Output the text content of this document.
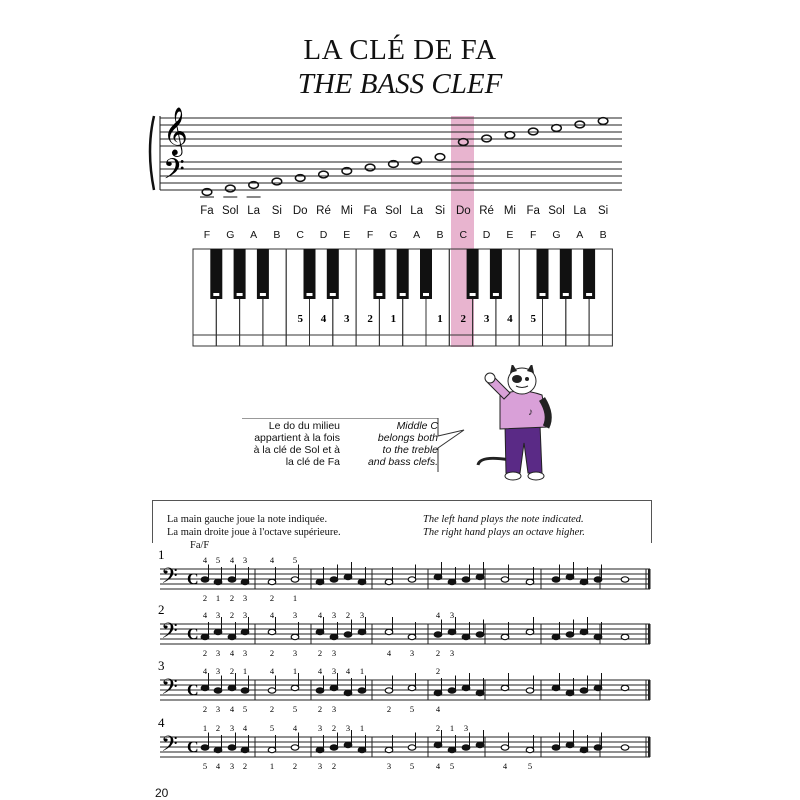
LA CLÉ DE FA
THE BASS CLEF
𝄞
𝄢
5 4 3 2 1	1 2 3 4 5
Fa Sol La	Si Do Ré Mi Fa Sol La	Si Do Ré Mi Fa Sol La	Si
F	G	A	B	C	D	E	F	G	A	B	C	D	E	F	G	A	B
♪
Le do du milieu
appartient à la fois
à la clé de Sol et à
la clé de Fa
Middle C
belongs both
to the treble
and bass clefs.
La main gauche joue la note indiquée.
La main droite joue à l'octave supérieure.
The left hand plays the note indicated.
The right hand plays an octave higher.
Fa/F
1
𝄢 C
4 5 4 3	4 5
2 1 2 3	2 1
2
𝄢 C
4 3 2 3	4 3 4 3 2 3	4 3
2 3 4 3	2 3 2 3	4 3	2 3
3
𝄢 C
4 3 2 1	4 1 4 3 4 1	2
2 3 4 5	2 5 2 3	2 5	4
4
𝄢 C
1 2 3 4	5 4 3 2 3 1	2 1 3
5 4 3 2	1 2 3 2	3 5	4 5	4 5
20
